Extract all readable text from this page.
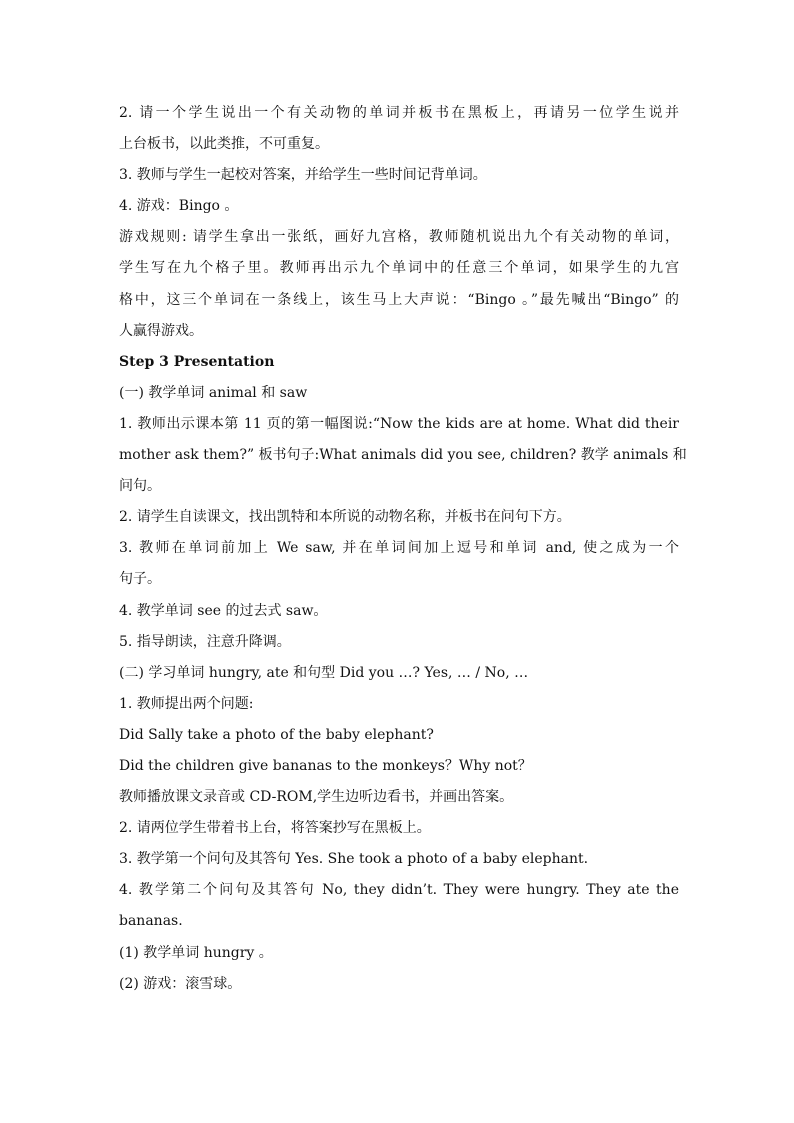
2. 请一个学生说出一个有关动物的单词并板书在黑板上，再请另一位学生说并
上台板书，以此类推，不可重复。
3. 教师与学生一起校对答案，并给学生一些时间记背单词。
4. 游戏：Bingo 。
游戏规则: 请学生拿出一张纸，画好九宫格，教师随机说出九个有关动物的单词，
学生写在九个格子里。教师再出示九个单词中的任意三个单词，如果学生的九宫
格中，这三个单词在一条线上，该生马上大声说：“Bingo 。”最先喊出“Bingo” 的
人赢得游戏。
Step 3 Presentation
(一) 教学单词 animal 和 saw
1. 教师出示课本第 11 页的第一幅图说:“Now the kids are at home. What did their
mother ask them?” 板书句子:What animals did you see, children? 教学 animals 和
问句。
2. 请学生自读课文，找出凯特和本所说的动物名称，并板书在问句下方。
3. 教师在单词前加上 We saw, 并在单词间加上逗号和单词 and, 使之成为一个
句子。
4. 教学单词 see 的过去式 saw。
5. 指导朗读，注意升降调。
(二) 学习单词 hungry, ate 和句型 Did you …? Yes, … / No, …
1. 教师提出两个问题:
Did Sally take a photo of the baby elephant?
Did the children give bananas to the monkeys？Why not？
教师播放课文录音或 CD-ROM,学生边听边看书，并画出答案。
2. 请两位学生带着书上台，将答案抄写在黑板上。
3. 教学第一个问句及其答句 Yes. She took a photo of a baby elephant.
4. 教学第二个问句及其答句 No, they didn’t. They were hungry. They ate the
bananas.
(1) 教学单词 hungry 。
(2) 游戏：滚雪球。
